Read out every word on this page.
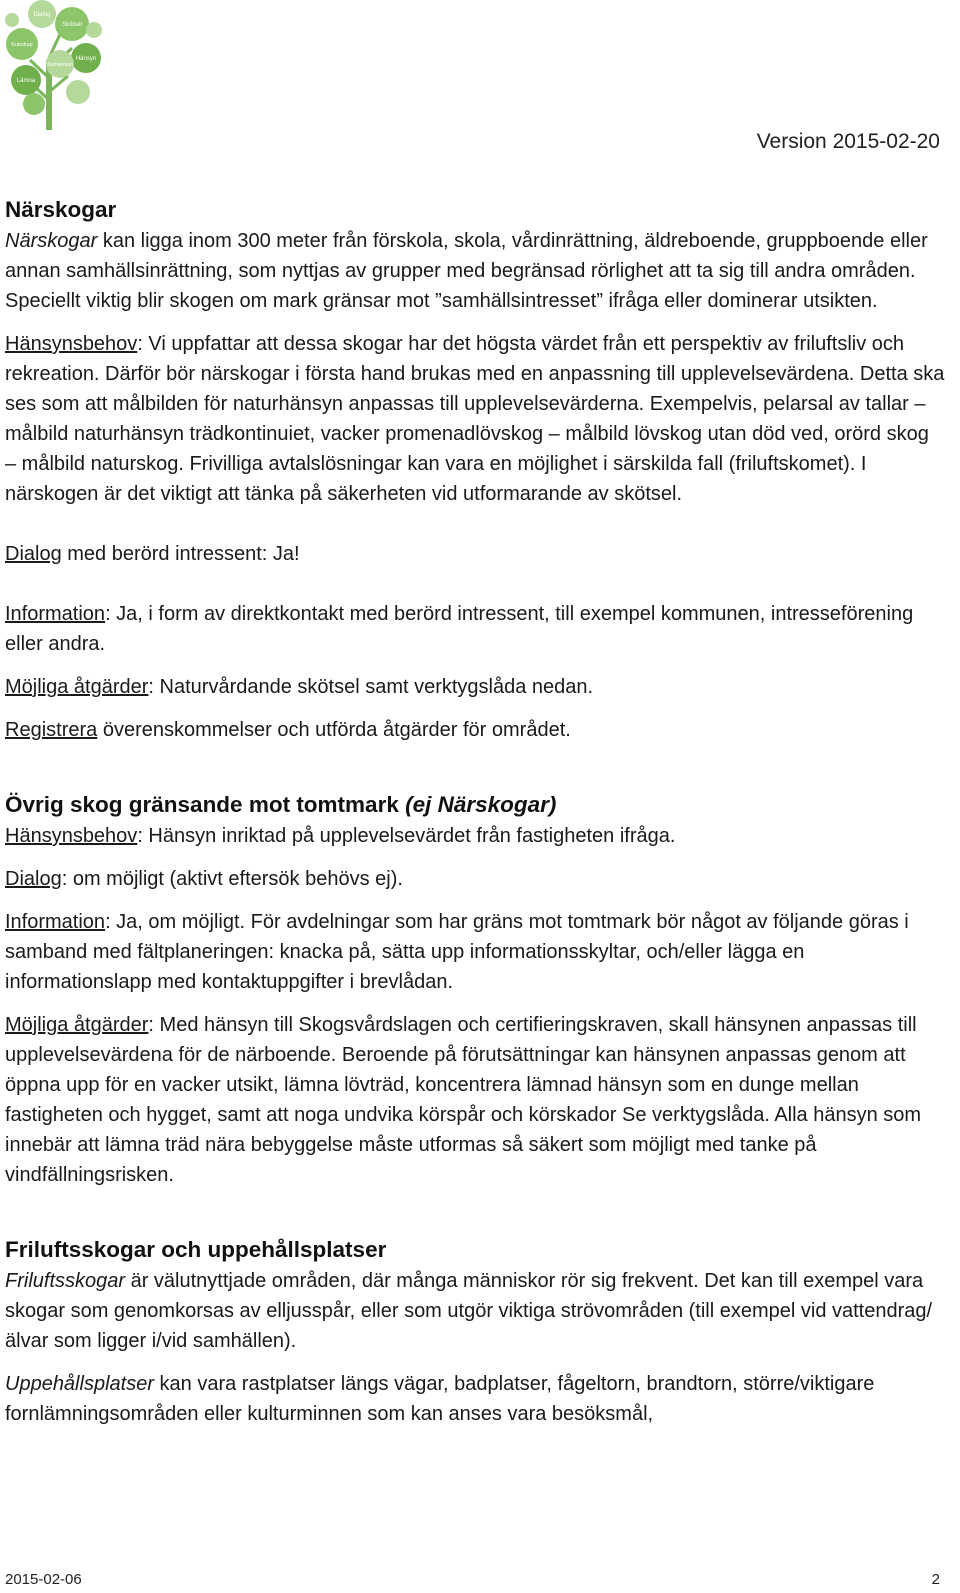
Skötsel
Kunskap
Hänsyn
Dialog
Lämna
Samverkan
Version 2015-02-20
Närskogar

Närskogar kan ligga inom 300 meter från förskola, skola, vårdinrättning, äldreboende, gruppboende eller annan samhällsinrättning, som nyttjas av grupper med begränsad rörlighet att ta sig till andra områden. Speciellt viktig blir skogen om mark gränsar mot ”samhällsintresset” ifråga eller dominerar utsikten.

Hänsynsbehov: Vi uppfattar att dessa skogar har det högsta värdet från ett perspektiv av friluftsliv och rekreation. Därför bör närskogar i första hand brukas med en anpassning till upplevelsevärdena. Detta ska ses som att målbilden för naturhänsyn anpassas till upplevelsevärderna. Exempelvis, pelarsal av tallar – målbild naturhänsyn trädkontinuiet, vacker promenadlövskog – målbild lövskog utan död ved, orörd skog – målbild naturskog. Frivilliga avtalslösningar kan vara en möjlighet i särskilda fall (friluftskomet). I närskogen är det viktigt att tänka på säkerheten vid utformarande av skötsel.

Dialog med berörd intressent: Ja!

Information: Ja, i form av direktkontakt med berörd intressent, till exempel kommunen, intresseförening eller andra.

Möjliga åtgärder: Naturvårdande skötsel samt verktygslåda nedan.

Registrera överenskommelser och utförda åtgärder för området.

Övrig skog gränsande mot tomtmark (ej Närskogar)

Hänsynsbehov: Hänsyn inriktad på upplevelsevärdet från fastigheten ifråga.

Dialog: om möjligt (aktivt eftersök behövs ej).

Information: Ja, om möjligt. För avdelningar som har gräns mot tomtmark bör något av följande göras i samband med fältplaneringen: knacka på, sätta upp informationsskyltar, och/eller lägga en informationslapp med kontaktuppgifter i brevlådan.

Möjliga åtgärder: Med hänsyn till Skogsvårdslagen och certifieringskraven, skall hänsynen anpassas till upplevelsevärdena för de närboende. Beroende på förutsättningar kan hänsynen anpassas genom att öppna upp för en vacker utsikt, lämna lövträd, koncentrera lämnad hänsyn som en dunge mellan fastigheten och hygget, samt att noga undvika körspår och körskador Se verktygslåda. Alla hänsyn som innebär att lämna träd nära bebyggelse måste utformas så säkert som möjligt med tanke på vindfällningsrisken.

Friluftsskogar och uppehållsplatser

Friluftsskogar är välutnyttjade områden, där många människor rör sig frekvent. Det kan till exempel vara skogar som genomkorsas av elljusspår, eller som utgör viktiga strövområden (till exempel vid vattendrag/älvar som ligger i/vid samhällen).

Uppehållsplatser kan vara rastplatser längs vägar, badplatser, fågeltorn, brandtorn, större/viktigare fornlämningsområden eller kulturminnen som kan anses vara besöksmål,

2015-02-06	2
